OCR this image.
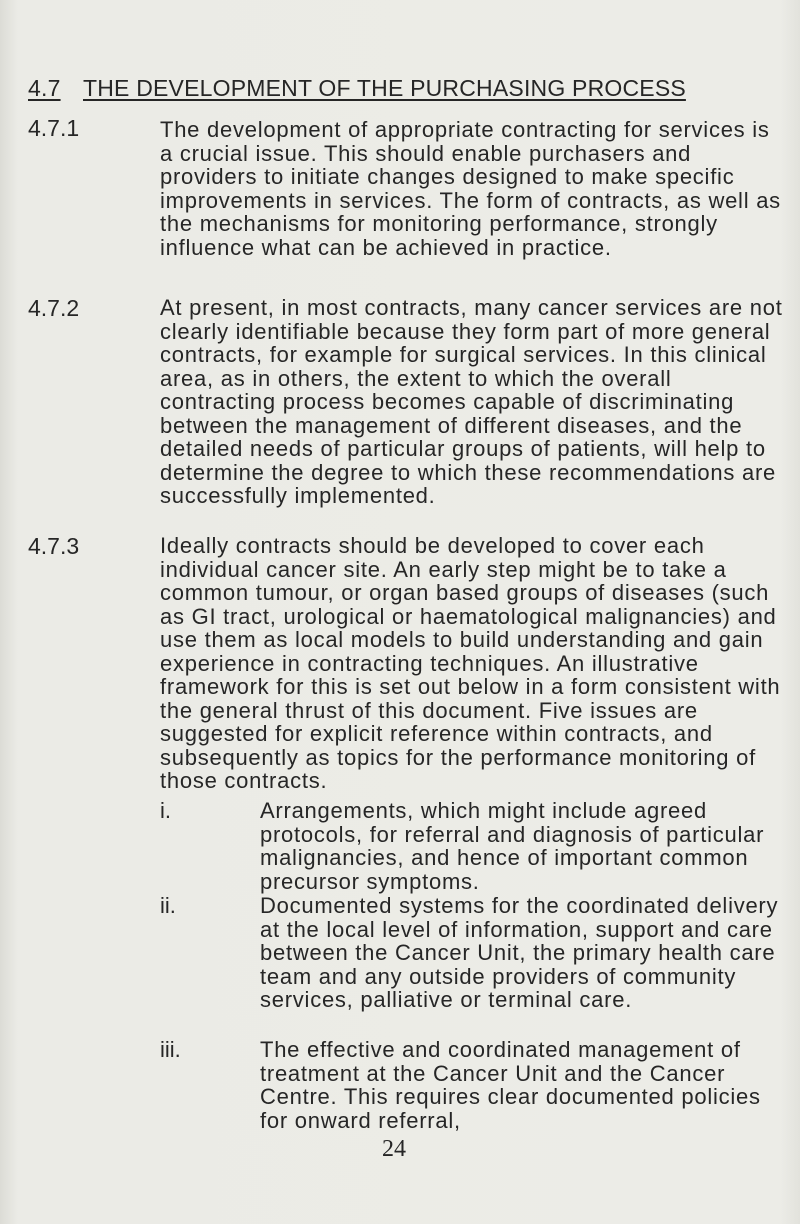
4.7 THE DEVELOPMENT OF THE PURCHASING PROCESS
4.7.1	The development of appropriate contracting for services is a crucial issue. This should enable purchasers and providers to initiate changes designed to make specific improvements in services. The form of contracts, as well as the mechanisms for monitoring performance, strongly influence what can be achieved in practice.
4.7.2	At present, in most contracts, many cancer services are not clearly identifiable because they form part of more general contracts, for example for surgical services. In this clinical area, as in others, the extent to which the overall contracting process becomes capable of discriminating between the management of different diseases, and the detailed needs of particular groups of patients, will help to determine the degree to which these recommendations are successfully implemented.
4.7.3	Ideally contracts should be developed to cover each individual cancer site. An early step might be to take a common tumour, or organ based groups of diseases (such as GI tract, urological or haematological malignancies) and use them as local models to build understanding and gain experience in contracting techniques. An illustrative framework for this is set out below in a form consistent with the general thrust of this document. Five issues are suggested for explicit reference within contracts, and subsequently as topics for the performance monitoring of those contracts.
i.	Arrangements, which might include agreed protocols, for referral and diagnosis of particular malignancies, and hence of important common precursor symptoms.
ii.	Documented systems for the coordinated delivery at the local level of information, support and care between the Cancer Unit, the primary health care team and any outside providers of community services, palliative or terminal care.
iii.	The effective and coordinated management of treatment at the Cancer Unit and the Cancer Centre. This requires clear documented policies for onward referral,
24
